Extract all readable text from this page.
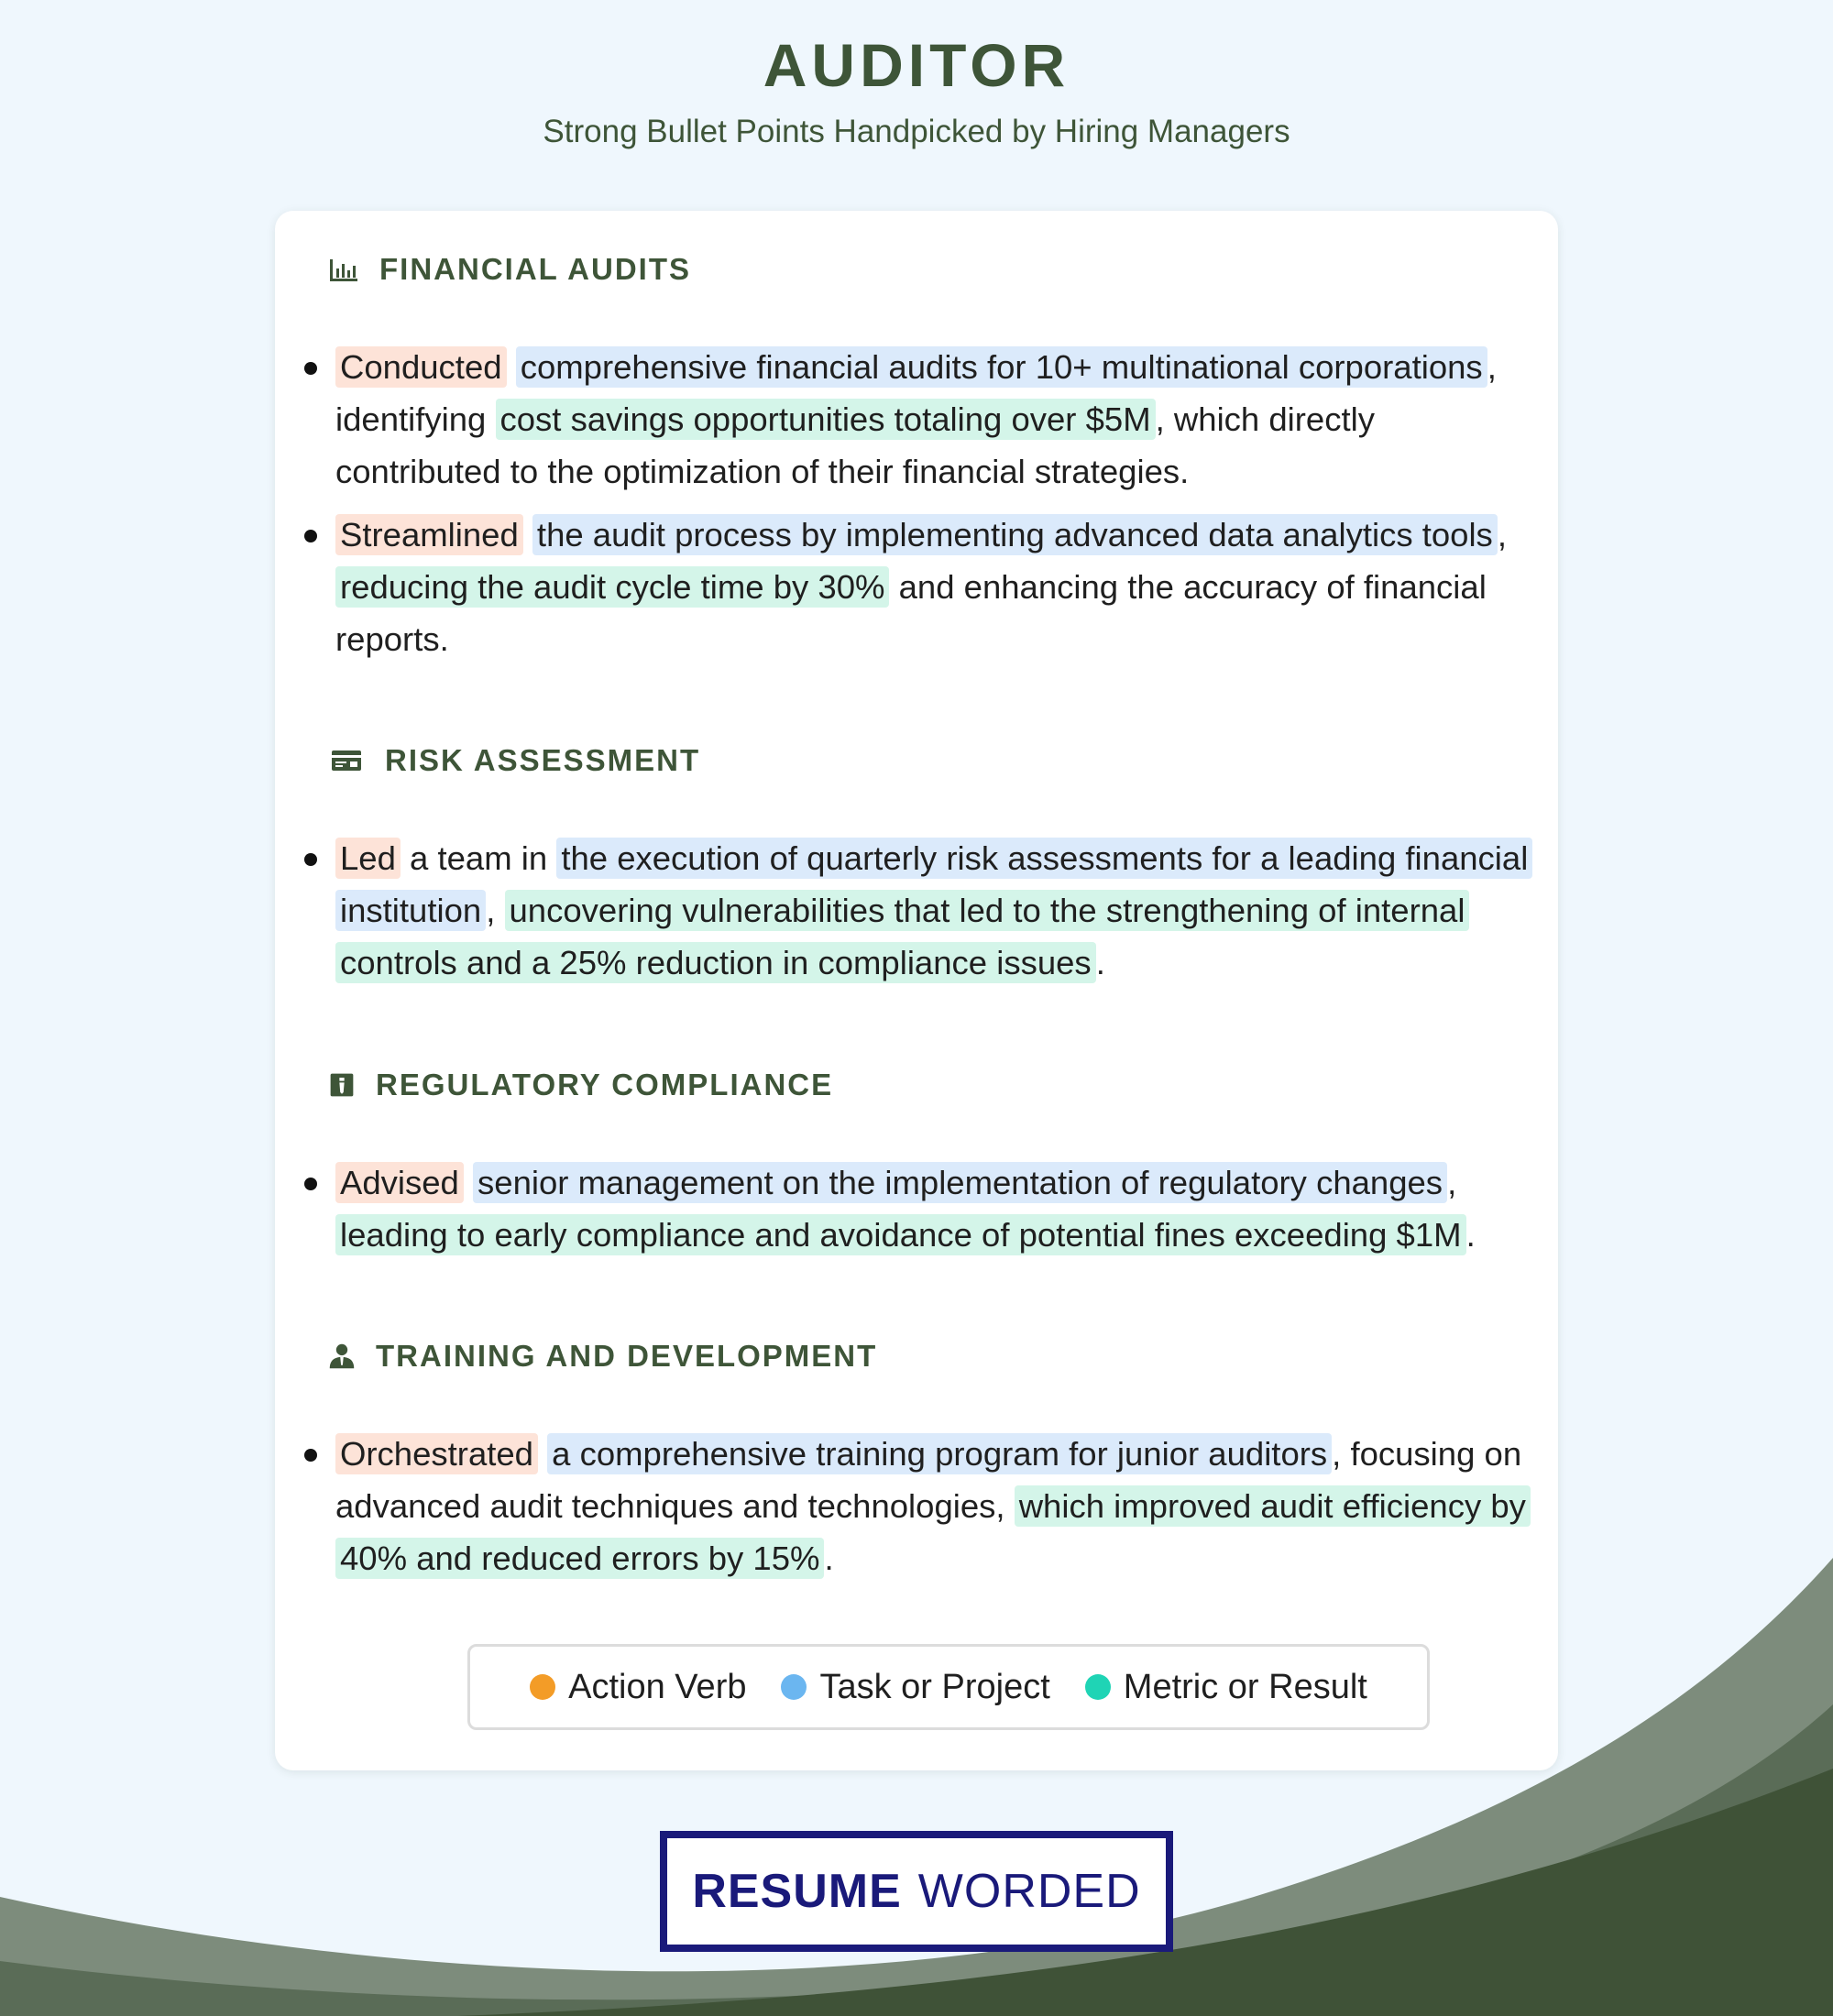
AUDITOR
Strong Bullet Points Handpicked by Hiring Managers
FINANCIAL AUDITS
Conducted comprehensive financial audits for 10+ multinational corporations , identifying cost savings opportunities totaling over $5M , which directly contributed to the optimization of their financial strategies.
Streamlined the audit process by implementing advanced data analytics tools , reducing the audit cycle time by 30% and enhancing the accuracy of financial reports.
RISK ASSESSMENT
Led a team in the execution of quarterly risk assessments for a leading financial institution , uncovering vulnerabilities that led to the strengthening of internal controls and a 25% reduction in compliance issues .
REGULATORY COMPLIANCE
Advised senior management on the implementation of regulatory changes , leading to early compliance and avoidance of potential fines exceeding $1M .
TRAINING AND DEVELOPMENT
Orchestrated a comprehensive training program for junior auditors , focusing on advanced audit techniques and technologies, which improved audit efficiency by 40% and reduced errors by 15% .
Action Verb Task or Project Metric or Result
RESUME WORDED
